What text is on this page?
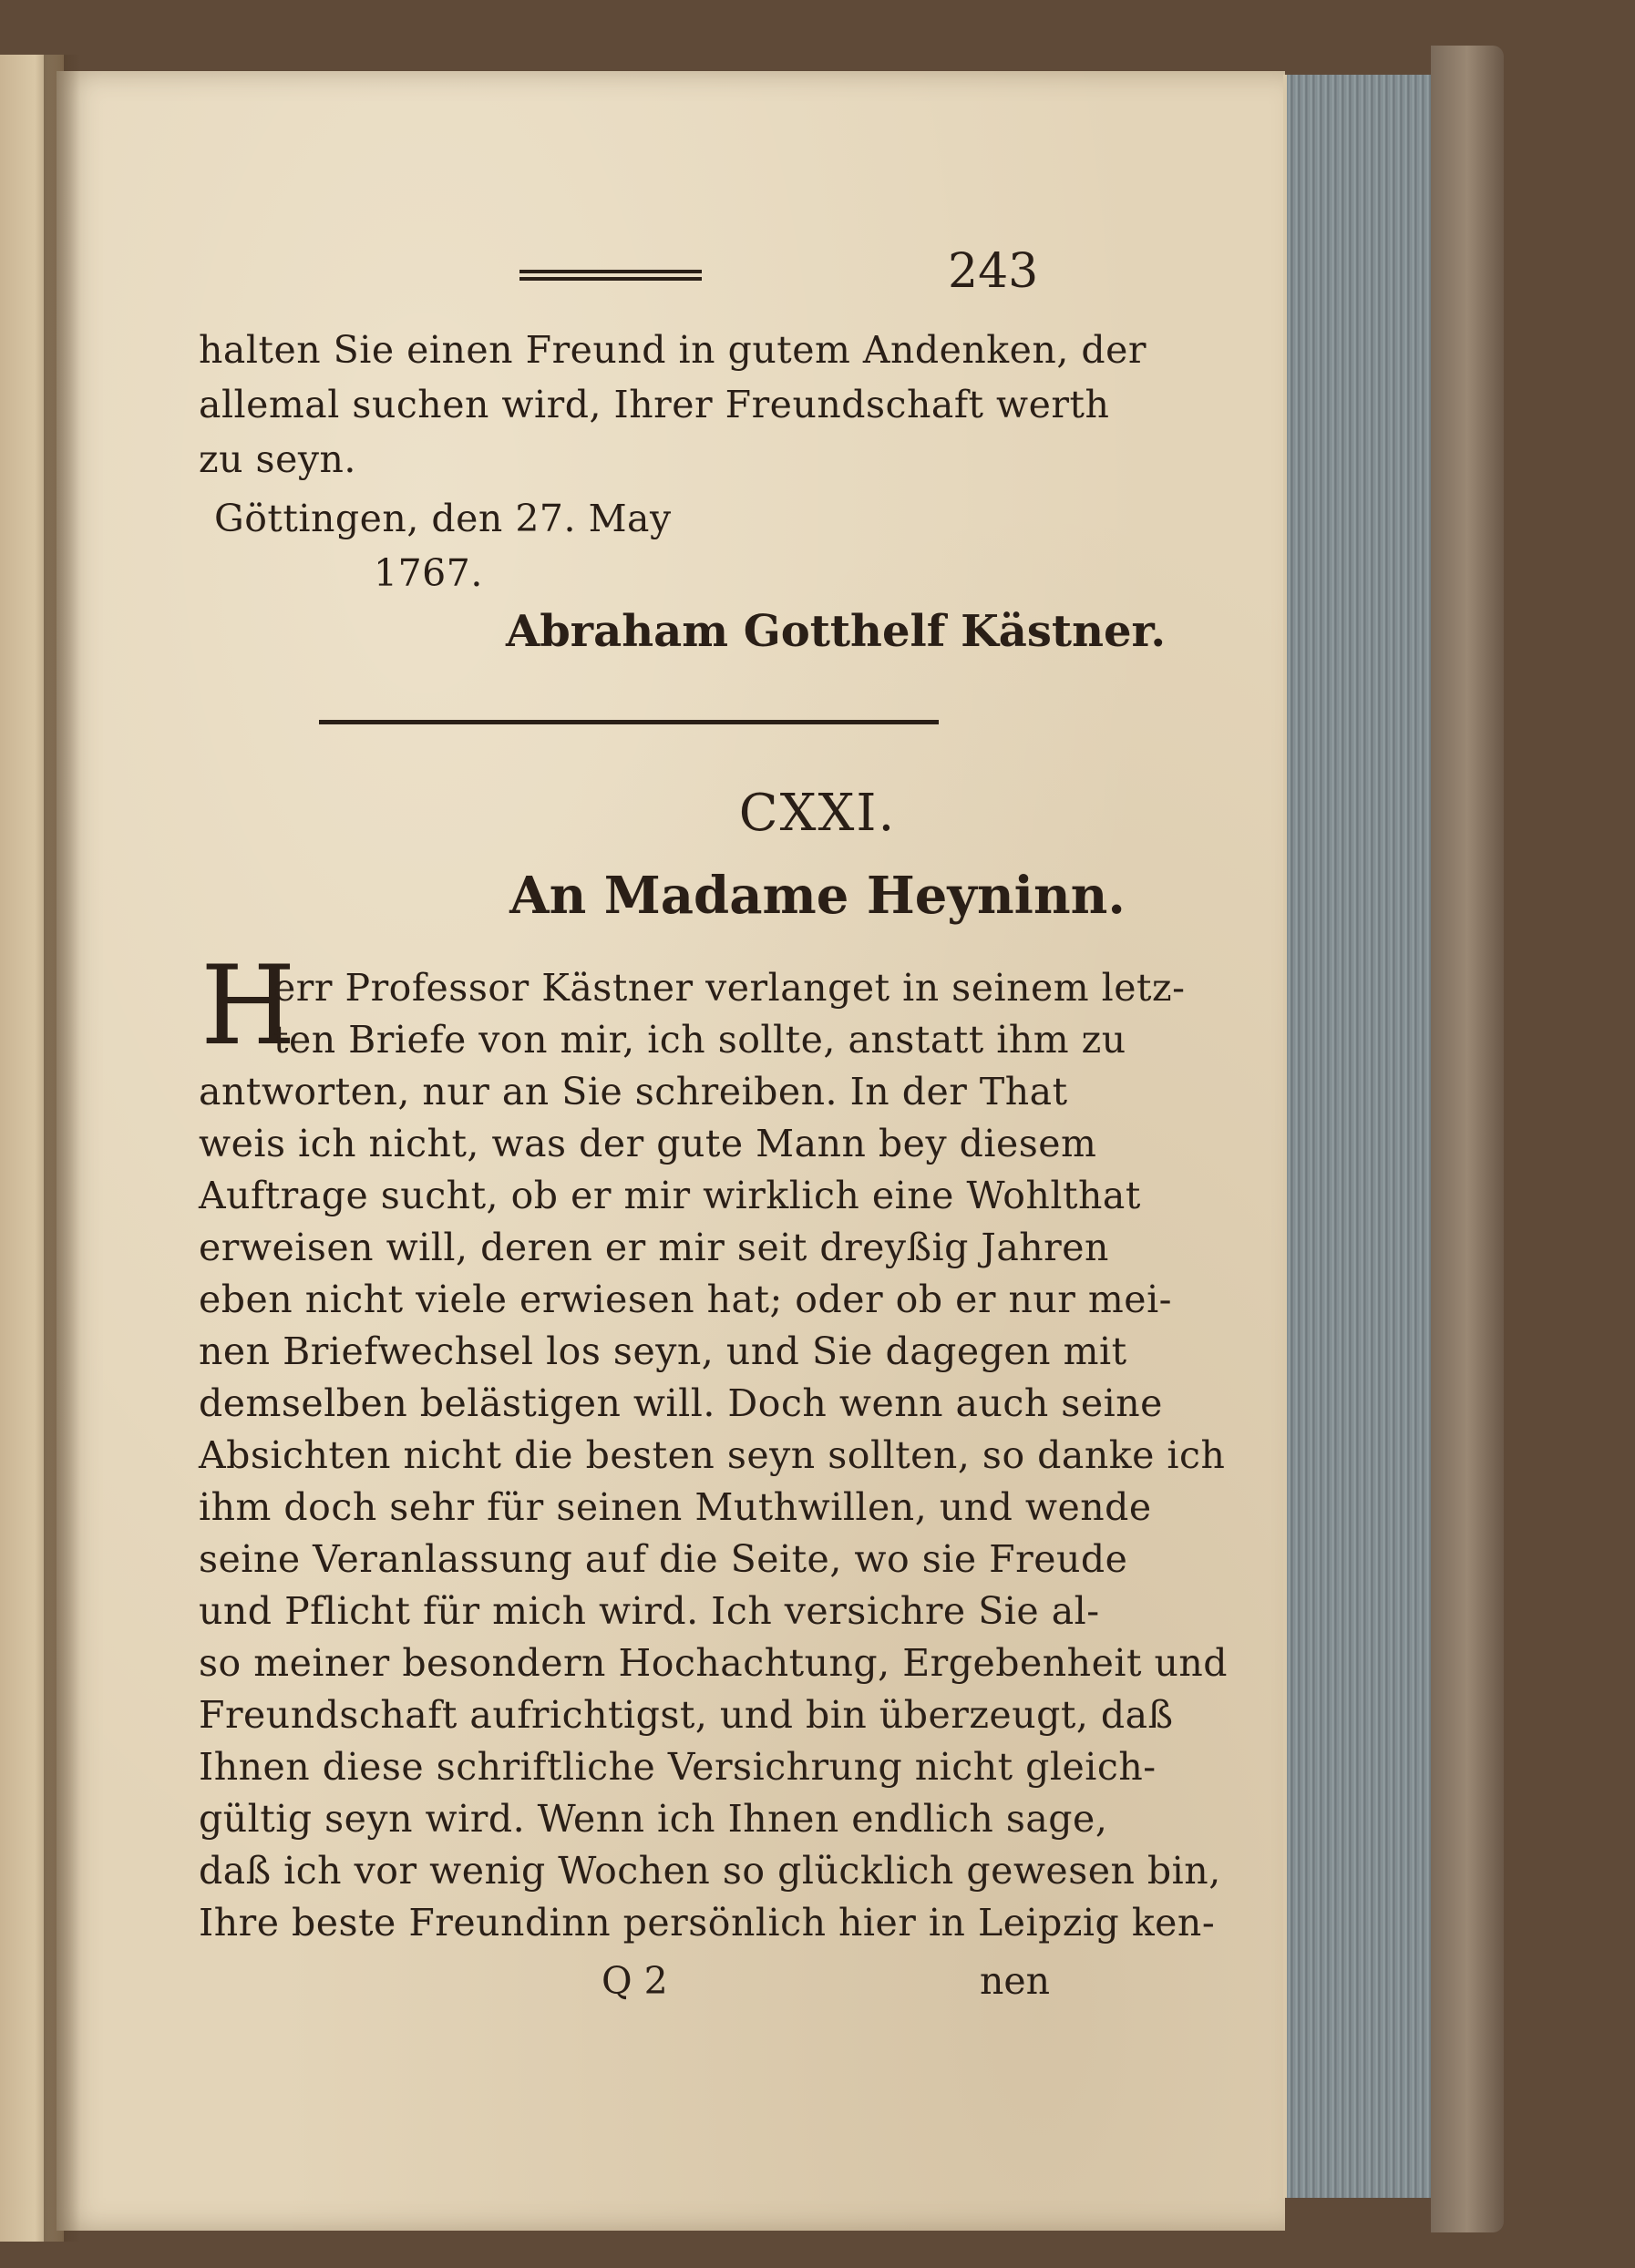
243
halten Sie einen Freund in gutem Andenken, der
allemal suchen wird, Ihrer Freundschaft werth
zu seyn.
Göttingen, den 27. May
1767.
Abraham Gotthelf Kästner.
CXXI.
An Madame Heyninn.
H
err Professor Kästner verlanget in seinem letz-
ten Briefe von mir, ich sollte, anstatt ihm zu
antworten, nur an Sie schreiben. In der That
weis ich nicht, was der gute Mann bey diesem
Auftrage sucht, ob er mir wirklich eine Wohlthat
erweisen will, deren er mir seit dreyßig Jahren
eben nicht viele erwiesen hat; oder ob er nur mei-
nen Briefwechsel los seyn, und Sie dagegen mit
demselben belästigen will. Doch wenn auch seine
Absichten nicht die besten seyn sollten, so danke ich
ihm doch sehr für seinen Muthwillen, und wende
seine Veranlassung auf die Seite, wo sie Freude
und Pflicht für mich wird. Ich versichre Sie al-
so meiner besondern Hochachtung, Ergebenheit und
Freundschaft aufrichtigst, und bin überzeugt, daß
Ihnen diese schriftliche Versichrung nicht gleich-
gültig seyn wird. Wenn ich Ihnen endlich sage,
daß ich vor wenig Wochen so glücklich gewesen bin,
Ihre beste Freundinn persönlich hier in Leipzig ken-
Q 2	nen
